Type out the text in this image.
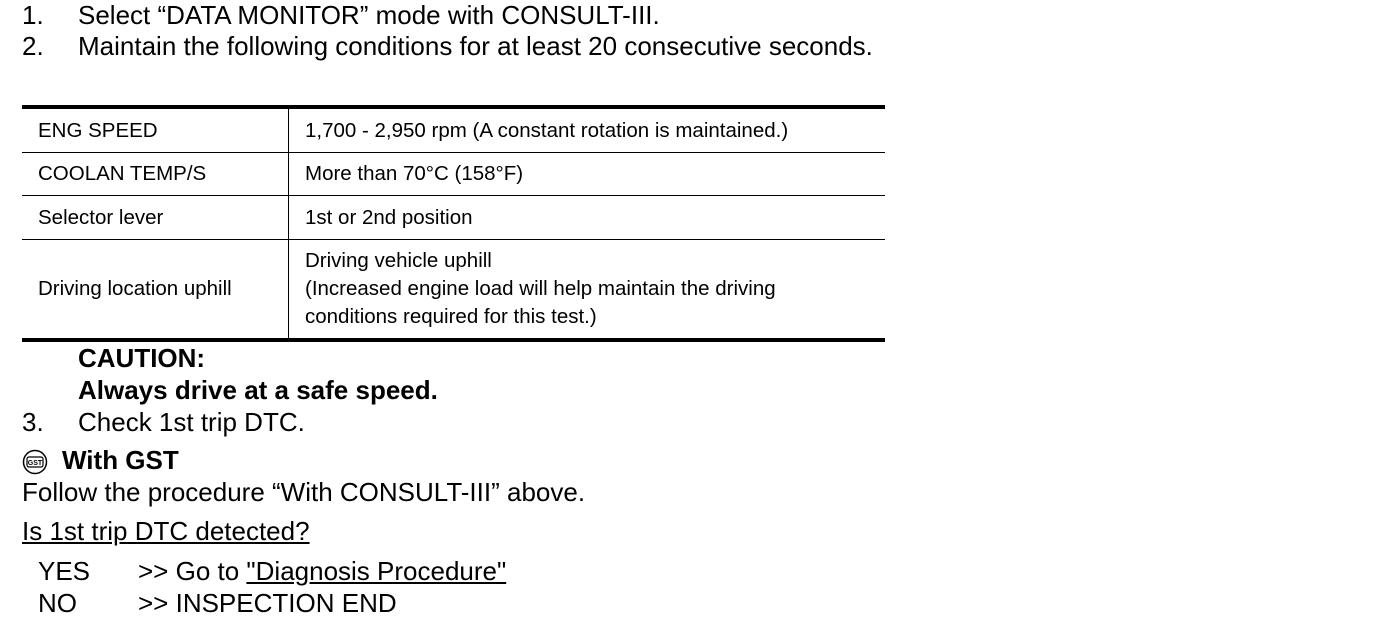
1. Select “DATA MONITOR” mode with CONSULT-III.
2. Maintain the following conditions for at least 20 consecutive seconds.
ENG SPEED	1,700 - 2,950 rpm (A constant rotation is maintained.)
COOLAN TEMP/S	More than 70°C (158°F)
Selector lever	1st or 2nd position
Driving location uphill	Driving vehicle uphill
(Increased engine load will help maintain the driving
conditions required for this test.)
CAUTION:
Always drive at a safe speed.
3. Check 1st trip DTC.
GST With GST
Follow the procedure “With CONSULT-III” above.
Is 1st trip DTC detected?
YES >> Go to "Diagnosis Procedure"
NO >> INSPECTION END
